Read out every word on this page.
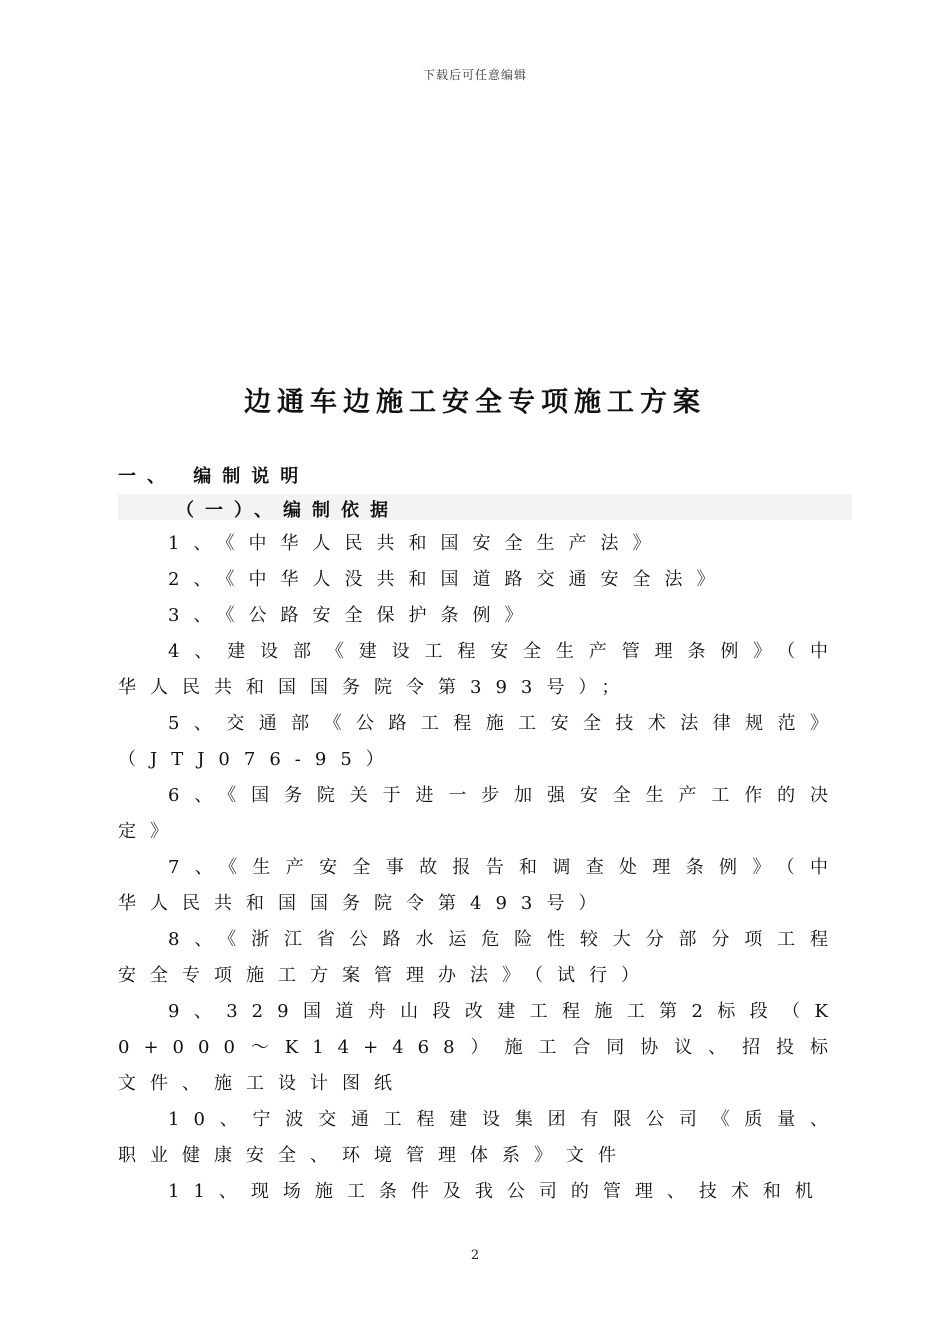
下载后可任意编辑
边通车边施工安全专项施工方案
一、 编制说明
（一）、编制依据

1、《中华人民共和国安全生产法》

2、《中华人没共和国道路交通安全法》

3、《公路安全保护条例》

4、建设部《建设工程安全生产管理条例》（中华人民共和国国务院令第393号）；

5、交通部《公路工程施工安全技术法律规范》（JTJ076-95）

6、《国务院关于进一步加强安全生产工作的决定》

7、《生产安全事故报告和调查处理条例》（中华人民共和国国务院令第493号）

8、《浙江省公路水运危险性较大分部分项工程安全专项施工方案管理办法》（试行）

9、329国道舟山段改建工程施工第2标段（K0+000～K14+468）施工合同协议、招投标文件、施工设计图纸

10、宁波交通工程建设集团有限公司《质量、职业健康安全、环境管理体系》文件

11、现场施工条件及我公司的管理、技术和机

2
